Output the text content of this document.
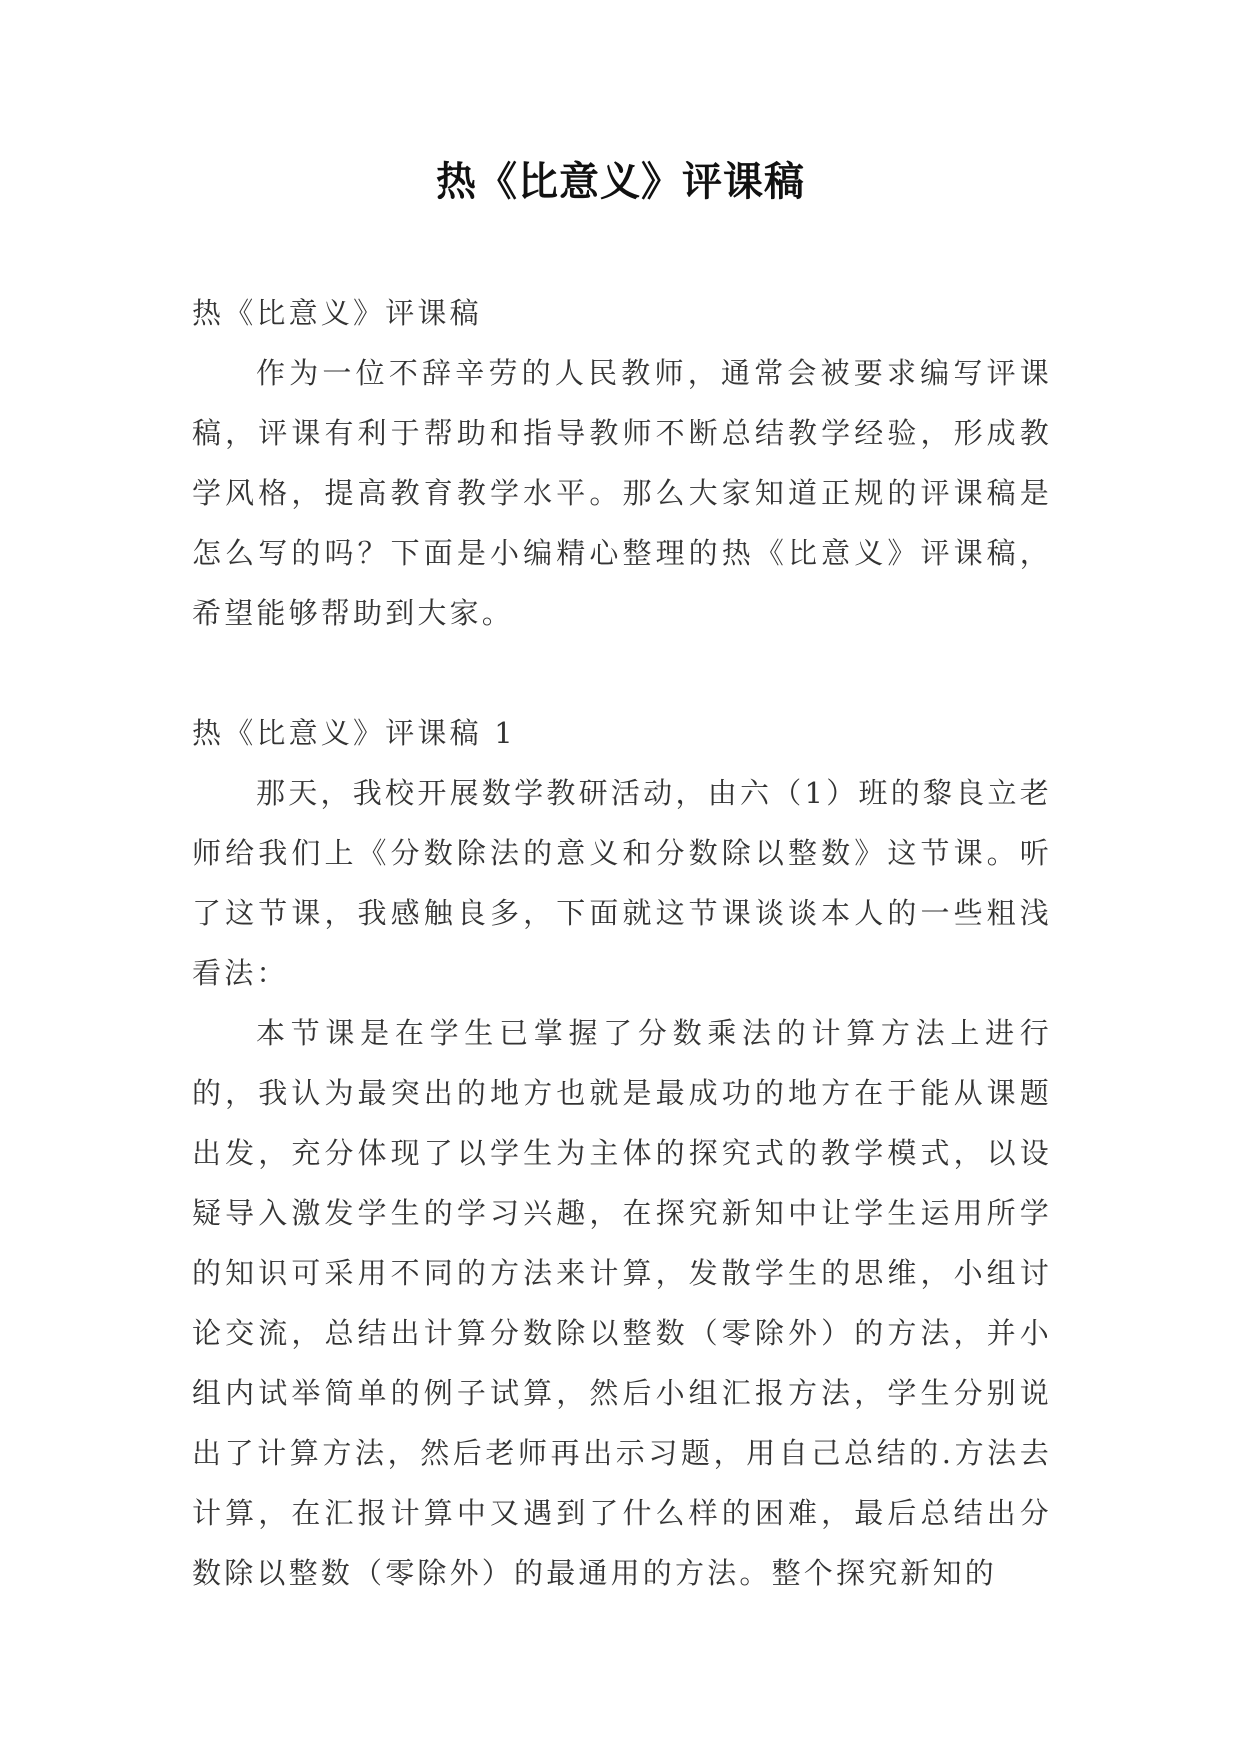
热《比意义》评课稿

热《比意义》评课稿

作为一位不辞辛劳的人民教师，通常会被要求编写评课稿，评课有利于帮助和指导教师不断总结教学经验，形成教学风格，提高教育教学水平。那么大家知道正规的评课稿是怎么写的吗？下面是小编精心整理的热《比意义》评课稿，希望能够帮助到大家。

热《比意义》评课稿 1

那天，我校开展数学教研活动，由六（1）班的黎良立老师给我们上《分数除法的意义和分数除以整数》这节课。听了这节课，我感触良多，下面就这节课谈谈本人的一些粗浅看法：

本节课是在学生已掌握了分数乘法的计算方法上进行的，我认为最突出的地方也就是最成功的地方在于能从课题出发，充分体现了以学生为主体的探究式的教学模式，以设疑导入激发学生的学习兴趣，在探究新知中让学生运用所学的知识可采用不同的方法来计算，发散学生的思维，小组讨论交流，总结出计算分数除以整数（零除外）的方法，并小组内试举简单的例子试算，然后小组汇报方法，学生分别说出了计算方法，然后老师再出示习题，用自己总结的.方法去计算，在汇报计算中又遇到了什么样的困难，最后总结出分数除以整数（零除外）的最通用的方法。整个探究新知的
